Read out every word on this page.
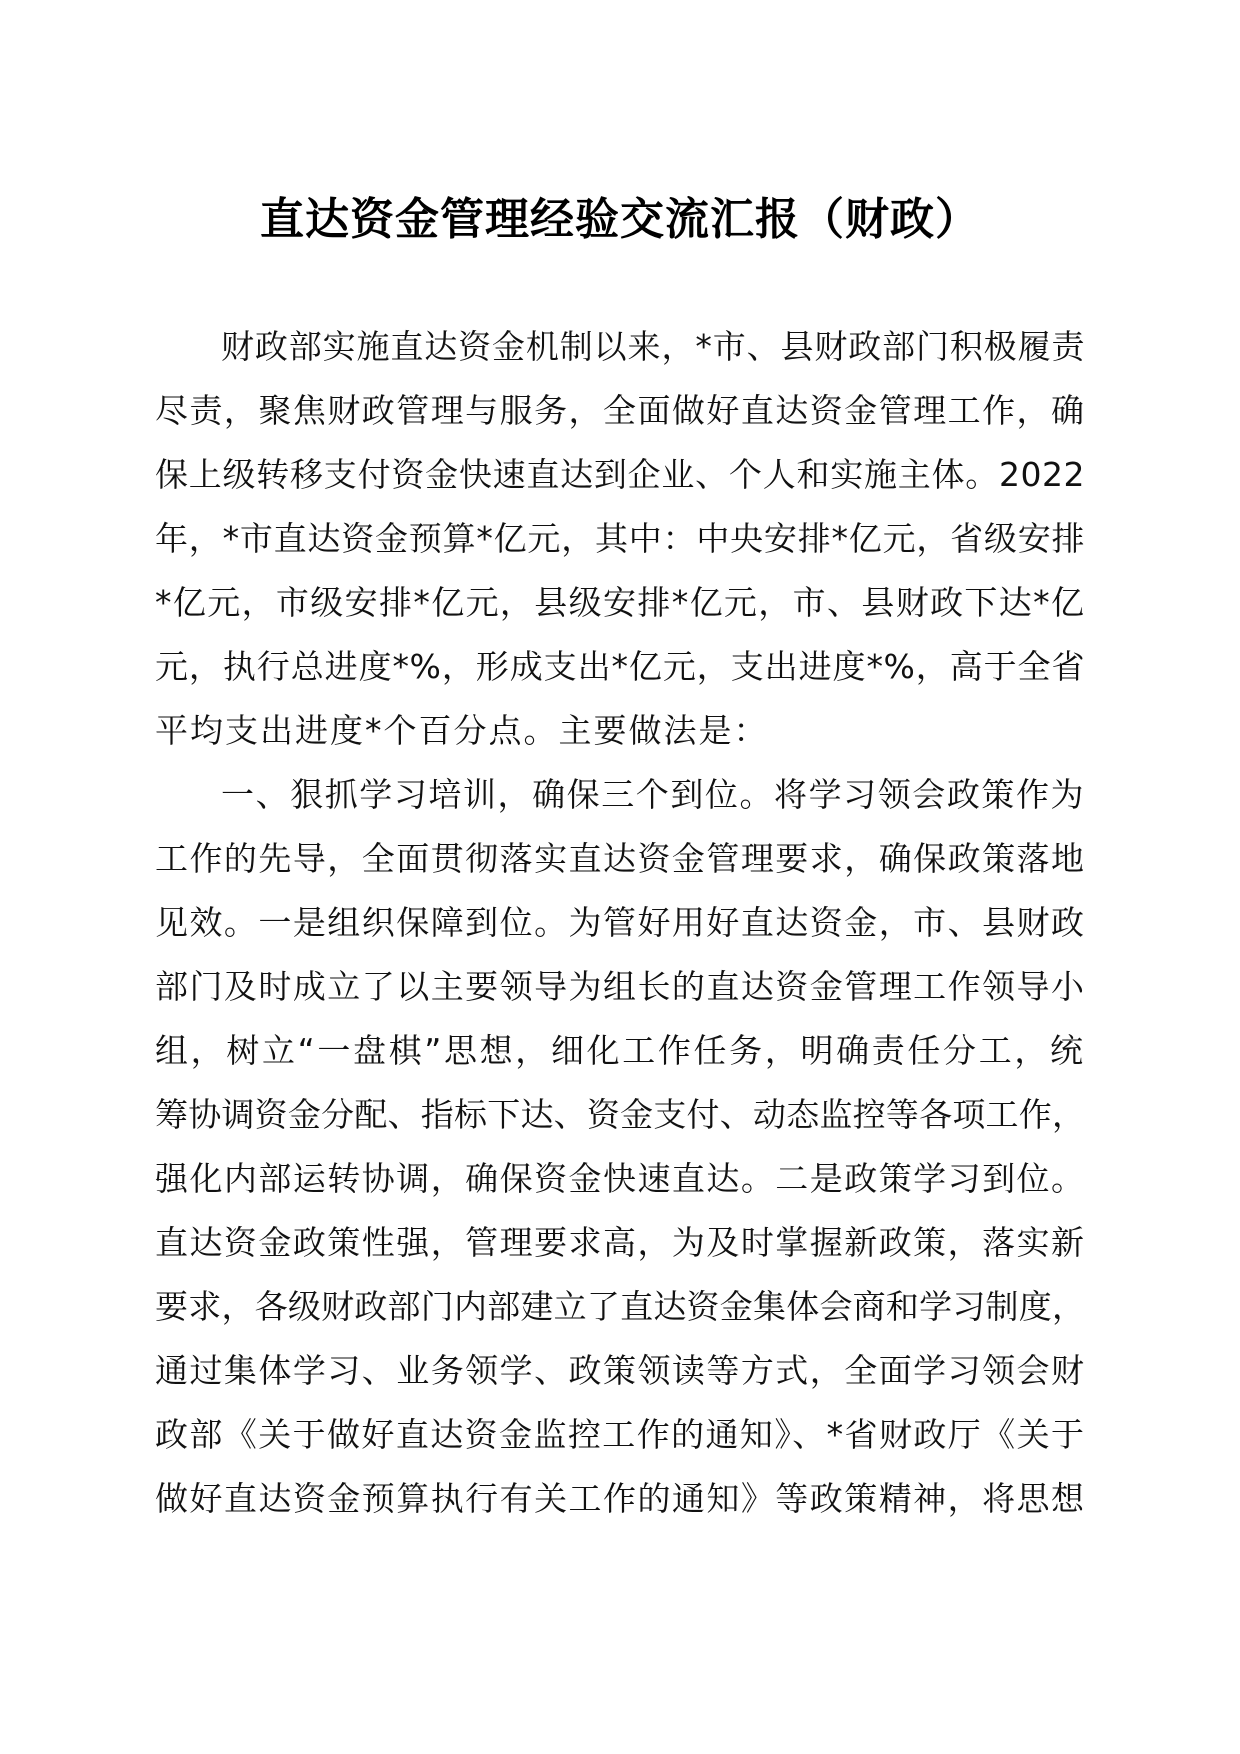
直达资金管理经验交流汇报（财政）
财政部实施直达资金机制以来，*市、县财政部门积极履责
尽责，聚焦财政管理与服务，全面做好直达资金管理工作，确
保上级转移支付资金快速直达到企业、个人和实施主体。2022
年，*市直达资金预算*亿元，其中：中央安排*亿元，省级安排
*亿元，市级安排*亿元，县级安排*亿元，市、县财政下达*亿
元，执行总进度*%，形成支出*亿元，支出进度*%，高于全省
平均支出进度*个百分点。主要做法是：
一、狠抓学习培训，确保三个到位。将学习领会政策作为
工作的先导，全面贯彻落实直达资金管理要求，确保政策落地
见效。一是组织保障到位。为管好用好直达资金，市、县财政
部门及时成立了以主要领导为组长的直达资金管理工作领导小
组，树立“一盘棋”思想，细化工作任务，明确责任分工，统
筹协调资金分配、指标下达、资金支付、动态监控等各项工作，
强化内部运转协调，确保资金快速直达。二是政策学习到位。
直达资金政策性强，管理要求高，为及时掌握新政策，落实新
要求，各级财政部门内部建立了直达资金集体会商和学习制度，
通过集体学习、业务领学、政策领读等方式，全面学习领会财
政部《关于做好直达资金监控工作的通知》、*省财政厅《关于
做好直达资金预算执行有关工作的通知》等政策精神，将思想
